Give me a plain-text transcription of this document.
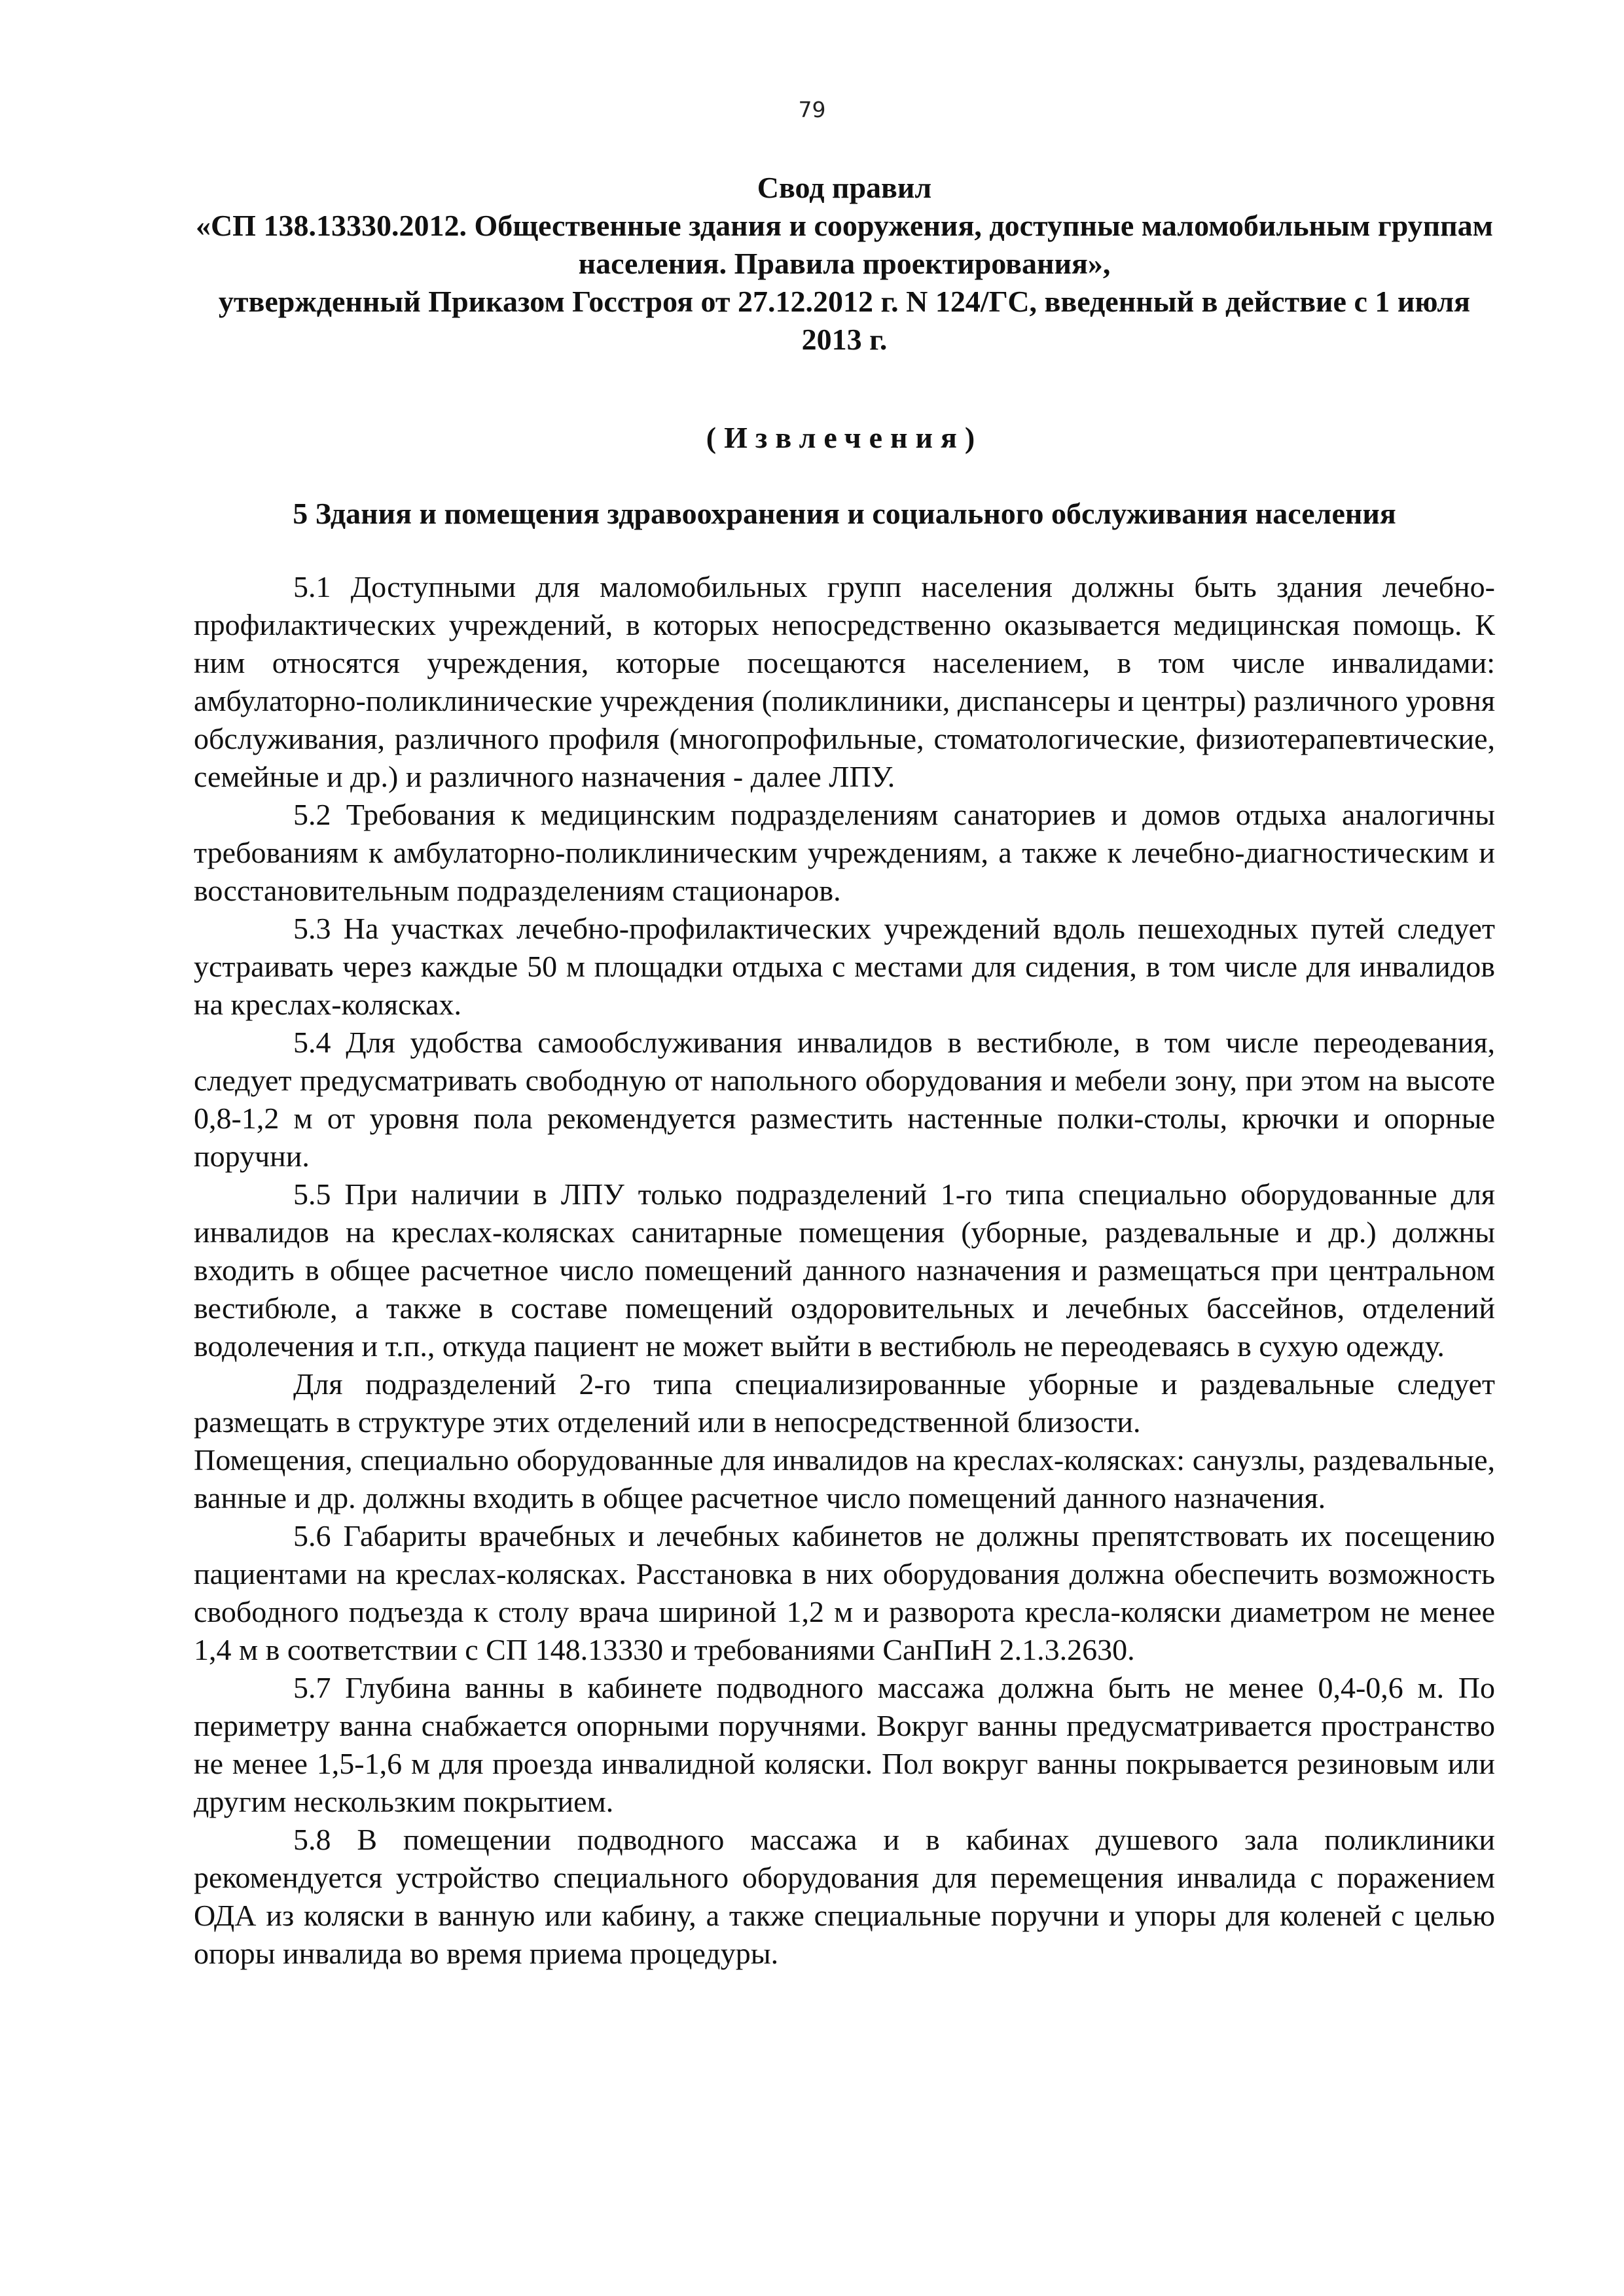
79
Свод правил
«СП 138.13330.2012. Общественные здания и сооружения, доступные маломобильным группам населения. Правила проектирования»,
утвержденный Приказом Госстроя от 27.12.2012 г. N 124/ГС, введенный в действие с 1 июля 2013 г.
(Извлечения)
5 Здания и помещения здравоохранения и социального обслуживания населения

5.1 Доступными для маломобильных групп населения должны быть здания лечебно-профилактических учреждений, в которых непосредственно оказывается медицинская помощь. К ним относятся учреждения, которые посещаются населением, в том числе инвалидами: амбулаторно-поликлинические учреждения (поликлиники, диспансеры и центры) различного уровня обслуживания, различного профиля (многопрофильные, стоматологические, физиотерапевтические, семейные и др.) и различного назначения - далее ЛПУ.

5.2 Требования к медицинским подразделениям санаториев и домов отдыха аналогичны требованиям к амбулаторно-поликлиническим учреждениям, а также к лечебно-диагностическим и восстановительным подразделениям стационаров.

5.3 На участках лечебно-профилактических учреждений вдоль пешеходных путей следует устраивать через каждые 50 м площадки отдыха с местами для сидения, в том числе для инвалидов на креслах-колясках.

5.4 Для удобства самообслуживания инвалидов в вестибюле, в том числе переодевания, следует предусматривать свободную от напольного оборудования и мебели зону, при этом на высоте 0,8-1,2 м от уровня пола рекомендуется разместить настенные полки-столы, крючки и опорные поручни.

5.5 При наличии в ЛПУ только подразделений 1-го типа специально оборудованные для инвалидов на креслах-колясках санитарные помещения (уборные, раздевальные и др.) должны входить в общее расчетное число помещений данного назначения и размещаться при центральном вестибюле, а также в составе помещений оздоровительных и лечебных бассейнов, отделений водолечения и т.п., откуда пациент не может выйти в вестибюль не переодеваясь в сухую одежду.

Для подразделений 2-го типа специализированные уборные и раздевальные следует размещать в структуре этих отделений или в непосредственной близости.

Помещения, специально оборудованные для инвалидов на креслах-колясках: санузлы, раздевальные, ванные и др. должны входить в общее расчетное число помещений данного назначения.

5.6 Габариты врачебных и лечебных кабинетов не должны препятствовать их посещению пациентами на креслах-колясках. Расстановка в них оборудования должна обеспечить возможность свободного подъезда к столу врача шириной 1,2 м и разворота кресла-коляски диаметром не менее 1,4 м в соответствии с СП 148.13330 и требованиями СанПиН 2.1.3.2630.

5.7 Глубина ванны в кабинете подводного массажа должна быть не менее 0,4-0,6 м. По периметру ванна снабжается опорными поручнями. Вокруг ванны предусматривается пространство не менее 1,5-1,6 м для проезда инвалидной коляски. Пол вокруг ванны покрывается резиновым или другим нескользким покрытием.

5.8 В помещении подводного массажа и в кабинах душевого зала поликлиники рекомендуется устройство специального оборудования для перемещения инвалида с поражением ОДА из коляски в ванную или кабину, а также специальные поручни и упоры для коленей с целью опоры инвалида во время приема процедуры.
